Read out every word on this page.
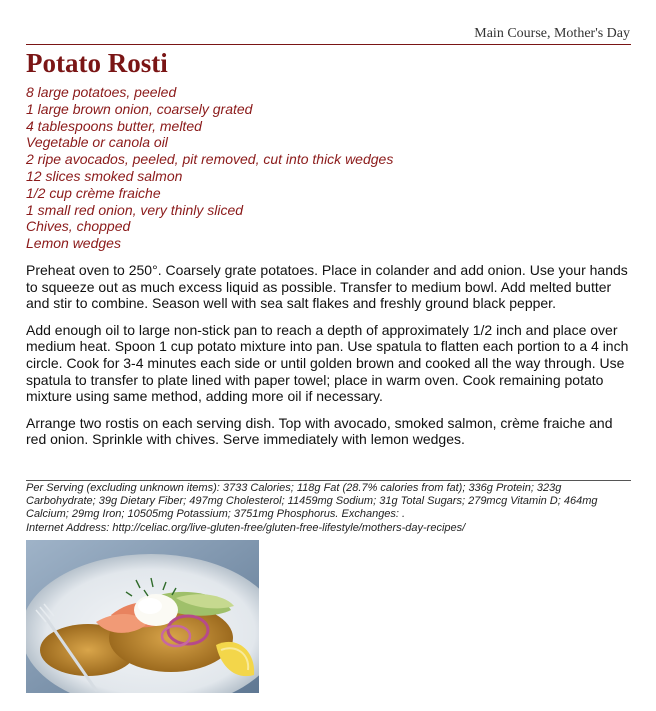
Main Course, Mother's Day
Potato Rosti
8 large potatoes, peeled
1 large brown onion, coarsely grated
4 tablespoons butter, melted
Vegetable or canola oil
2 ripe avocados, peeled, pit removed, cut into thick wedges
12 slices smoked salmon
1/2 cup crème fraiche
1 small red onion, very thinly sliced
Chives, chopped
Lemon wedges

Preheat oven to 250°. Coarsely grate potatoes. Place in colander and add onion. Use your hands to squeeze out as much excess liquid as possible. Transfer to medium bowl. Add melted butter and stir to combine. Season well with sea salt flakes and freshly ground black pepper.

Add enough oil to large non-stick pan to reach a depth of approximately 1/2 inch and place over medium heat. Spoon 1 cup potato mixture into pan. Use spatula to flatten each portion to a 4 inch circle. Cook for 3-4 minutes each side or until golden brown and cooked all the way through. Use spatula to transfer to plate lined with paper towel; place in warm oven. Cook remaining potato mixture using same method, adding more oil if necessary.

Arrange two rostis on each serving dish. Top with avocado, smoked salmon, crème fraiche and red onion. Sprinkle with chives. Serve immediately with lemon wedges.

Per Serving (excluding unknown items): 3733 Calories; 118g Fat (28.7% calories from fat); 336g Protein; 323g Carbohydrate; 39g Dietary Fiber; 497mg Cholesterol; 11459mg Sodium; 31g Total Sugars; 279mcg Vitamin D; 464mg Calcium; 29mg Iron; 10505mg Potassium; 3751mg Phosphorus. Exchanges: .

Internet Address: http://celiac.org/live-gluten-free/gluten-free-lifestyle/mothers-day-recipes/
